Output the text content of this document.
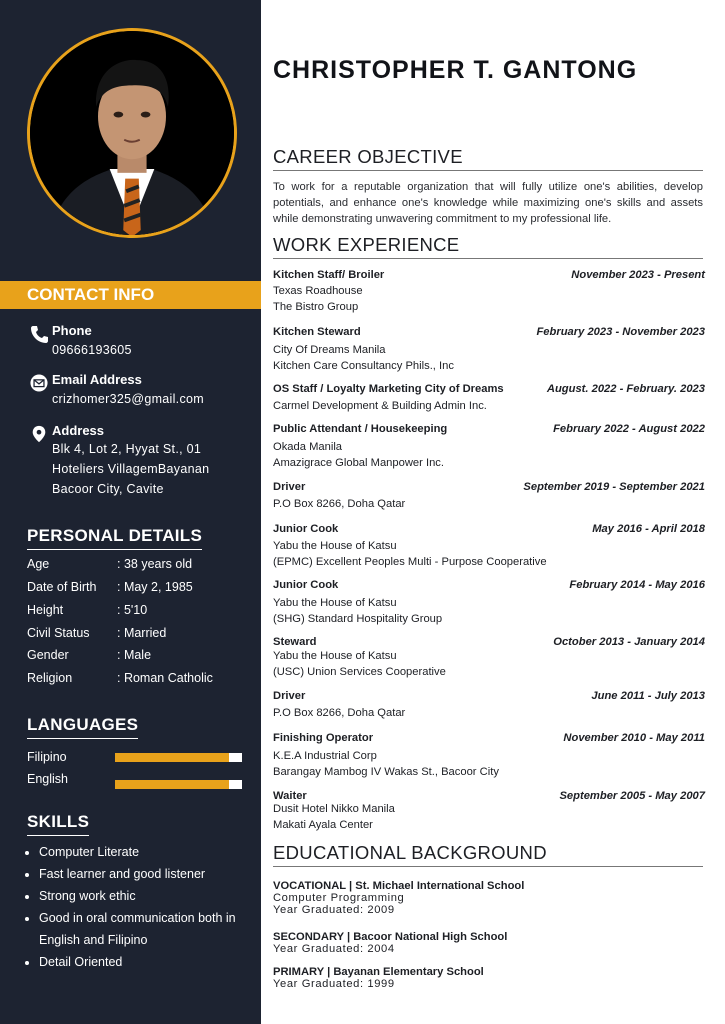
CONTACT INFO
Phone
09666193605
Email Address
crizhomer325@gmail.com
Address
Blk 4, Lot 2, Hyyat St., 01
Hoteliers VillagemBayanan
Bacoor City, Cavite
PERSONAL DETAILS
Age	: 38 years old
Date of Birth : May 2, 1985
Height	: 5'10
Civil Status : Married
Gender	: Male
Religion	: Roman Catholic
LANGUAGES
Filipino
English
SKILLS
Computer Literate
Fast learner and good listener
Strong work ethic
Good in oral communication both in
English and Filipino
Detail Oriented
CHRISTOPHER T. GANTONG
CAREER OBJECTIVE
To work for a reputable organization that will fully utilize one's abilities, develop potentials, and enhance one's knowledge while maximizing one's skills and assets while demonstrating unwavering commitment to my professional life.
WORK EXPERIENCE
Kitchen Staff/ Broiler	November 2023 - Present
Texas Roadhouse
The Bistro Group
Kitchen Steward	February 2023 - November 2023
City Of Dreams Manila
Kitchen Care Consultancy Phils., Inc
OS Staff / Loyalty Marketing City of Dreams	August. 2022 - February. 2023
Carmel Development & Building Admin Inc.
Public Attendant / Housekeeping	February 2022 - August 2022
Okada Manila
Amazigrace Global Manpower Inc.
Driver	September 2019 - September 2021
P.O Box 8266, Doha Qatar
Junior Cook	May 2016 - April 2018
Yabu the House of Katsu
(EPMC) Excellent Peoples Multi - Purpose Cooperative
Junior Cook	February 2014 - May 2016
Yabu the House of Katsu
(SHG) Standard Hospitality Group
Steward	October 2013 - January 2014
Yabu the House of Katsu
(USC) Union Services Cooperative
Driver	June 2011 - July 2013
P.O Box 8266, Doha Qatar
Finishing Operator	November 2010 - May 2011
K.E.A Industrial Corp
Barangay Mambog IV Wakas St., Bacoor City
Waiter	September 2005 - May 2007
Dusit Hotel Nikko Manila
Makati Ayala Center
EDUCATIONAL BACKGROUND
VOCATIONAL | St. Michael International School
Computer Programming
Year Graduated: 2009
SECONDARY | Bacoor National High School
Year Graduated: 2004
PRIMARY | Bayanan Elementary School
Year Graduated: 1999
